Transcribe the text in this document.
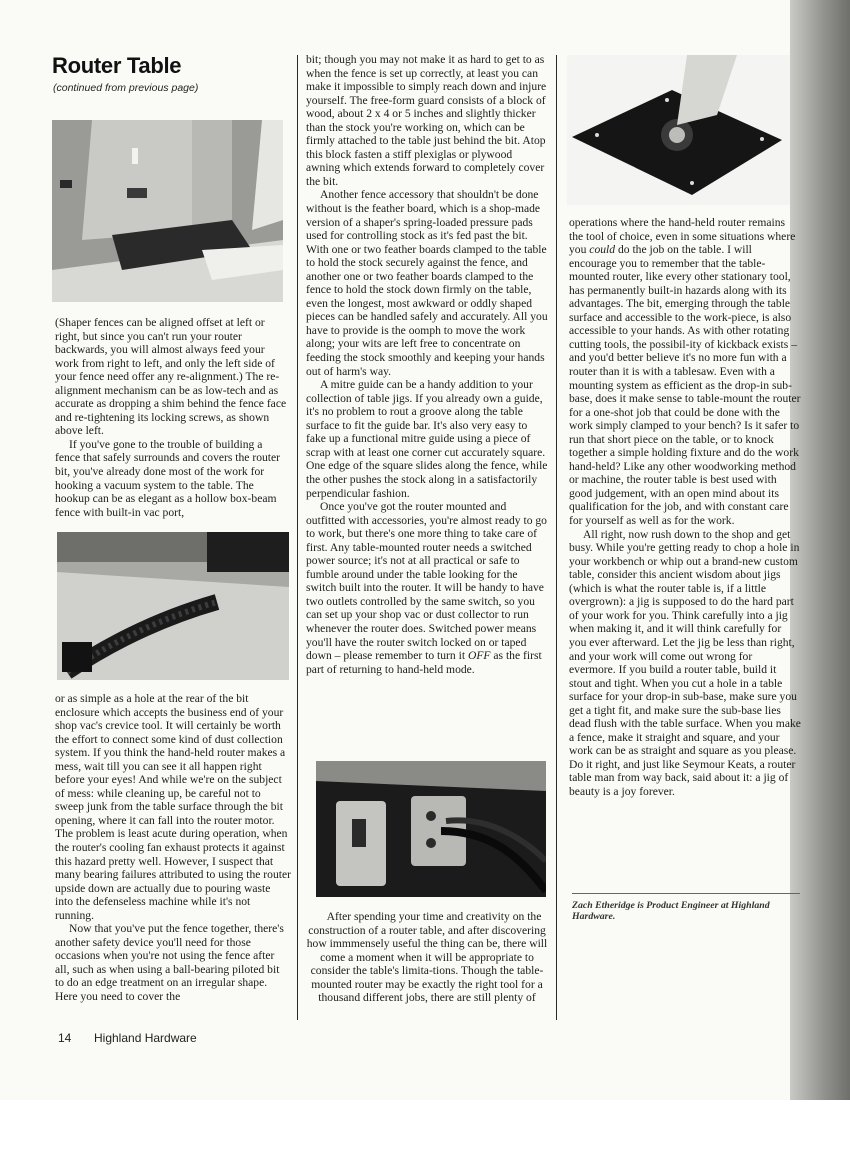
Router Table
(continued from previous page)

(Shaper fences can be aligned offset at left or right, but since you can't run your router backwards, you will almost always feed your work from right to left, and only the left side of your fence need offer any re-alignment.) The re-alignment mechanism can be as low-tech and as accurate as dropping a shim behind the fence face and re-tightening its locking screws, as shown above left.

If you've gone to the trouble of building a fence that safely surrounds and covers the router bit, you've already done most of the work for hooking a vacuum system to the table. The hookup can be as elegant as a hollow box-beam fence with built-in vac port,

or as simple as a hole at the rear of the bit enclosure which accepts the business end of your shop vac's crevice tool. It will certainly be worth the effort to connect some kind of dust collection system. If you think the hand-held router makes a mess, wait till you can see it all happen right before your eyes! And while we're on the subject of mess: while cleaning up, be careful not to sweep junk from the table surface through the bit opening, where it can fall into the router motor. The problem is least acute during operation, when the router's cooling fan exhaust protects it against this hazard pretty well. However, I suspect that many bearing failures attributed to using the router upside down are actually due to pouring waste into the defenseless machine while it's not running.

Now that you've put the fence together, there's another safety device you'll need for those occasions when you're not using the fence after all, such as when using a ball-bearing piloted bit to do an edge treatment on an irregular shape. Here you need to cover the

bit; though you may not make it as hard to get to as when the fence is set up correctly, at least you can make it impossible to simply reach down and injure yourself. The free-form guard consists of a block of wood, about 2 x 4 or 5 inches and slightly thicker than the stock you're working on, which can be firmly attached to the table just behind the bit. Atop this block fasten a stiff plexiglas or plywood awning which extends forward to completely cover the bit.

Another fence accessory that shouldn't be done without is the feather board, which is a shop-made version of a shaper's spring-loaded pressure pads used for controlling stock as it's fed past the bit. With one or two feather boards clamped to the table to hold the stock securely against the fence, and another one or two feather boards clamped to the fence to hold the stock down firmly on the table, even the longest, most awkward or oddly shaped pieces can be handled safely and accurately. All you have to provide is the oomph to move the work along; your wits are left free to concentrate on feeding the stock smoothly and keeping your hands out of harm's way.

A mitre guide can be a handy addition to your collection of table jigs. If you already own a guide, it's no problem to rout a groove along the table surface to fit the guide bar. It's also very easy to fake up a functional mitre guide using a piece of scrap with at least one corner cut accurately square. One edge of the square slides along the fence, while the other pushes the stock along in a satisfactorily perpendicular fashion.

Once you've got the router mounted and outfitted with accessories, you're almost ready to go to work, but there's one more thing to take care of first. Any table-mounted router needs a switched power source; it's not at all practical or safe to fumble around under the table looking for the switch built into the router. It will be handy to have two outlets controlled by the same switch, so you can set up your shop vac or dust collector to run whenever the router does. Switched power means you'll have the router switch locked on or taped down – please remember to turn it OFF as the first part of returning to hand-held mode.

After spending your time and creativity on the construction of a router table, and after discovering how immmensely useful the thing can be, there will come a moment when it will be appropriate to consider the table's limita-tions. Though the table-mounted router may be exactly the right tool for a thousand different jobs, there are still plenty of

operations where the hand-held router remains the tool of choice, even in some situations where you could do the job on the table. I will encourage you to remember that the table-mounted router, like every other stationary tool, has permanently built-in hazards along with its advantages. The bit, emerging through the table surface and accessible to the work-piece, is also accessible to your hands. As with other rotating cutting tools, the possibil-ity of kickback exists – and you'd better believe it's no more fun with a router than it is with a tablesaw. Even with a mounting system as efficient as the drop-in sub-base, does it make sense to table-mount the router for a one-shot job that could be done with the work simply clamped to your bench? Is it safer to run that short piece on the table, or to knock together a simple holding fixture and do the work hand-held? Like any other woodworking method or machine, the router table is best used with good judgement, with an open mind about its qualification for the job, and with constant care for yourself as well as for the work.

All right, now rush down to the shop and get busy. While you're getting ready to chop a hole in your workbench or whip out a brand-new custom table, consider this ancient wisdom about jigs (which is what the router table is, if a little overgrown): a jig is supposed to do the hard part of your work for you. Think carefully into a jig when making it, and it will think carefully for you ever afterward. Let the jig be less than right, and your work will come out wrong for evermore. If you build a router table, build it stout and tight. When you cut a hole in a table surface for your drop-in sub-base, make sure you get a tight fit, and make sure the sub-base lies dead flush with the table surface. When you make a fence, make it straight and square, and your work can be as straight and square as you please. Do it right, and just like Seymour Keats, a router table man from way back, said about it: a jig of beauty is a joy forever.

Zach Etheridge is Product Engineer at Highland Hardware.
14 Highland Hardware
